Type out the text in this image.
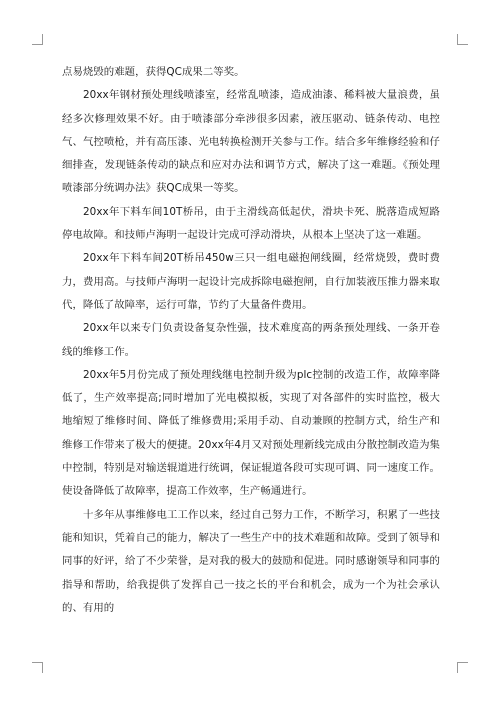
点易烧毁的难题，获得QC成果二等奖。

20xx年钢材预处理线喷漆室，经常乱喷漆，造成油漆、稀料被大量浪费，虽经多次修理效果不好。由于喷漆部分牵涉很多因素，液压驱动、链条传动、电控气、气控喷枪，并有高压漆、光电转换检测开关参与工作。结合多年维修经验和仔细排查，发现链条传动的缺点和应对办法和调节方式，解决了这一难题。《预处理喷漆部分统调办法》获QC成果一等奖。

20xx年下料车间10T桥吊，由于主滑线高低起伏，滑块卡死、脱落造成短路停电故障。和技师卢海明一起设计完成可浮动滑块，从根本上坚决了这一难题。

20xx年下料车间20T桥吊450w三只一组电磁抱闸线圈，经常烧毁，费时费力，费用高。与技师卢海明一起设计完成拆除电磁抱闸，自行加装液压推力器来取代，降低了故障率，运行可靠，节约了大量备件费用。

20xx年以来专门负责设备复杂性强，技术难度高的两条预处理线、一条开卷线的维修工作。

20xx年5月份完成了预处理线继电控制升级为plc控制的改造工作，故障率降低了，生产效率提高;同时增加了光电模拟板，实现了对各部件的实时监控，极大地缩短了维修时间、降低了维修费用;采用手动、自动兼顾的控制方式，给生产和维修工作带来了极大的便捷。20xx年4月又对预处理新线完成由分散控制改造为集中控制，特别是对输送辊道进行统调，保证辊道各段可实现可调、同一速度工作。使设备降低了故障率，提高工作效率，生产畅通进行。

十多年从事维修电工工作以来，经过自己努力工作，不断学习，积累了一些技能和知识，凭着自己的能力，解决了一些生产中的技术难题和故障。受到了领导和同事的好评，给了不少荣誉，是对我的极大的鼓励和促进。同时感谢领导和同事的指导和帮助，给我提供了发挥自己一技之长的平台和机会，成为一个为社会承认的、有用的
